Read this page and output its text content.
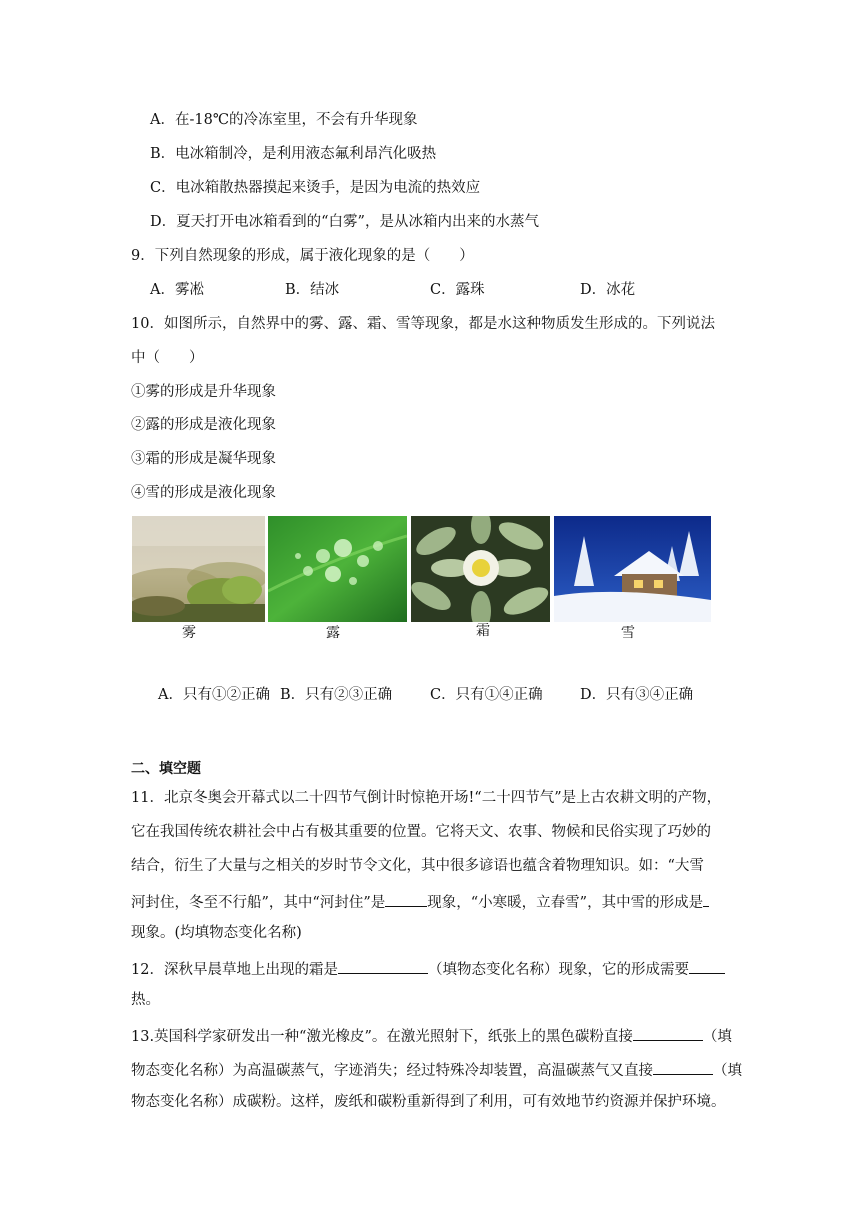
A．在-18℃的冷冻室里，不会有升华现象
B．电冰箱制冷，是利用液态氟利昂汽化吸热
C．电冰箱散热器摸起来烫手，是因为电流的热效应
D．夏天打开电冰箱看到的“白雾”，是从冰箱内出来的水蒸气
9．下列自然现象的形成，属于液化现象的是（　　）
A．雾凇	B．结冰	C．露珠	D．冰花
10．如图所示，自然界中的雾、露、霜、雪等现象，都是水这种物质发生形成的。下列说法
中（　　）
①雾的形成是升华现象
②露的形成是液化现象
③霜的形成是凝华现象
④雪的形成是液化现象
雾	露	霜	雪
A．只有①②正确 B．只有②③正确	C．只有①④正确	D．只有③④正确
二、填空题
11．北京冬奥会开幕式以二十四节气倒计时惊艳开场!“二十四节气”是上古农耕文明的产物，
它在我国传统农耕社会中占有极其重要的位置。它将天文、农事、物候和民俗实现了巧妙的
结合，衍生了大量与之相关的岁时节令文化，其中很多谚语也蕴含着物理知识。如：“大雪
河封住，冬至不行船”，其中“河封住”是	现象，“小寒暖，立春雪”，其中雪的形成是
现象。(均填物态变化名称)
12．深秋早晨草地上出现的霜是	（填物态变化名称）现象，它的形成需要
热。
13.英国科学家研发出一种“激光橡皮”。在激光照射下，纸张上的黑色碳粉直接	（填
物态变化名称）为高温碳蒸气，字迹消失；经过特殊冷却装置，高温碳蒸气又直接	（填
物态变化名称）成碳粉。这样，废纸和碳粉重新得到了利用，可有效地节约资源并保护环境。
